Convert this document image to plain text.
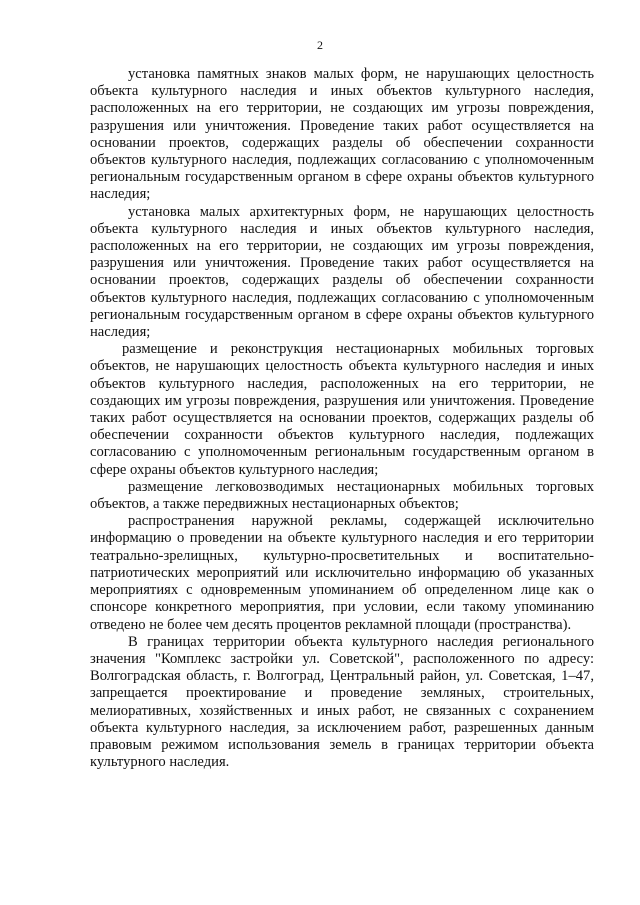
2

установка памятных знаков малых форм, не нарушающих целостность объекта культурного наследия и иных объектов культурного наследия, расположенных на его территории, не создающих им угрозы повреждения, разрушения или уничтожения. Проведение таких работ осуществляется на основании проектов, содержащих разделы об обеспечении сохранности объектов культурного наследия, подлежащих согласованию с уполномоченным региональным государственным органом в сфере охраны объектов культурного наследия;

установка малых архитектурных форм, не нарушающих целостность объекта культурного наследия и иных объектов культурного наследия, расположенных на его территории, не создающих им угрозы повреждения, разрушения или уничтожения. Проведение таких работ осуществляется на основании проектов, содержащих разделы об обеспечении сохранности объектов культурного наследия, подлежащих согласованию с уполномоченным региональным государственным органом в сфере охраны объектов культурного наследия;

размещение и реконструкция нестационарных мобильных торговых объектов, не нарушающих целостность объекта культурного наследия и иных объектов культурного наследия, расположенных на его территории, не создающих им угрозы повреждения, разрушения или уничтожения. Проведение таких работ осуществляется на основании проектов, содержащих разделы об обеспечении сохранности объектов культурного наследия, подлежащих согласованию с уполномоченным региональным государственным органом в сфере охраны объектов культурного наследия;

размещение легковозводимых нестационарных мобильных торговых объектов, а также передвижных нестационарных объектов;

распространения наружной рекламы, содержащей исключительно информацию о проведении на объекте культурного наследия и его территории театрально-зрелищных, культурно-просветительных и воспитательно-патриотических мероприятий или исключительно информацию об указанных мероприятиях с одновременным упоминанием об определенном лице как о спонсоре конкретного мероприятия, при условии, если такому упоминанию отведено не более чем десять процентов рекламной площади (пространства).

В границах территории объекта культурного наследия регионального значения "Комплекс застройки ул. Советской", расположенного по адресу: Волгоградская область, г. Волгоград, Центральный район, ул. Советская, 1–47, запрещается проектирование и проведение земляных, строительных, мелиоративных, хозяйственных и иных работ, не связанных с сохранением объекта культурного наследия, за исключением работ, разрешенных данным правовым режимом использования земель в границах территории объекта культурного наследия.
